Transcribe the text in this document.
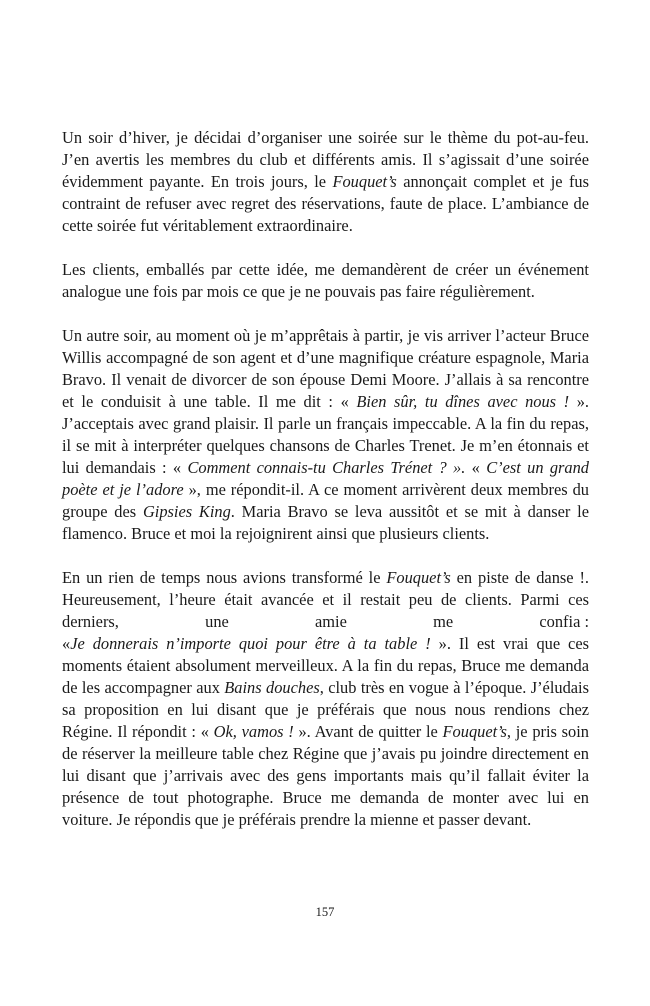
Un soir d’hiver, je décidai d’organiser une soirée sur le thème du pot-au-feu. J’en avertis les membres du club et différents amis. Il s’agissait d’une soirée évidemment payante. En trois jours, le Fouquet’s annonçait complet et je fus contraint de refuser avec regret des réservations, faute de place. L’ambiance de cette soirée fut véritablement extraordinaire.

Les clients, emballés par cette idée, me demandèrent de créer un événement analogue une fois par mois ce que je ne pouvais pas faire régulièrement.

Un autre soir, au moment où je m’apprêtais à partir, je vis arriver l’acteur Bruce Willis accompagné de son agent et d’une magnifique créature espagnole, Maria Bravo. Il venait de divorcer de son épouse Demi Moore. J’allais à sa rencontre et le conduisit à une table. Il me dit : « Bien sûr, tu dînes avec nous ! ». J’acceptais avec grand plaisir. Il parle un français impeccable. A la fin du repas, il se mit à interpréter quelques chansons de Charles Trenet. Je m’en étonnais et lui demandais : « Comment connais-tu Charles Trénet ? ». « C’est un grand poète et je l’adore », me répondit-il. A ce moment arrivèrent deux membres du groupe des Gipsies King. Maria Bravo se leva aussitôt et se mit à danser le flamenco. Bruce et moi la rejoignirent ainsi que plusieurs clients.

En un rien de temps nous avions transformé le Fouquet’s en piste de danse !. Heureusement, l’heure était avancée et il restait peu de clients. Parmi ces
derniers,	une	amie	me	confia :
«Je donnerais n’importe quoi pour être à ta table ! ». Il est vrai que ces moments étaient absolument merveilleux. A la fin du repas, Bruce me demanda de les accompagner aux Bains douches, club très en vogue à l’époque. J’éludais sa proposition en lui disant que je préférais que nous nous rendions chez Régine. Il répondit : « Ok, vamos ! ». Avant de quitter le Fouquet’s, je pris soin de réserver la meilleure table chez Régine que j’avais pu joindre directement en lui disant que j’arrivais avec des gens importants mais qu’il fallait éviter la présence de tout photographe. Bruce me demanda de monter avec lui en voiture. Je répondis que je préférais prendre la mienne et passer devant.
157
